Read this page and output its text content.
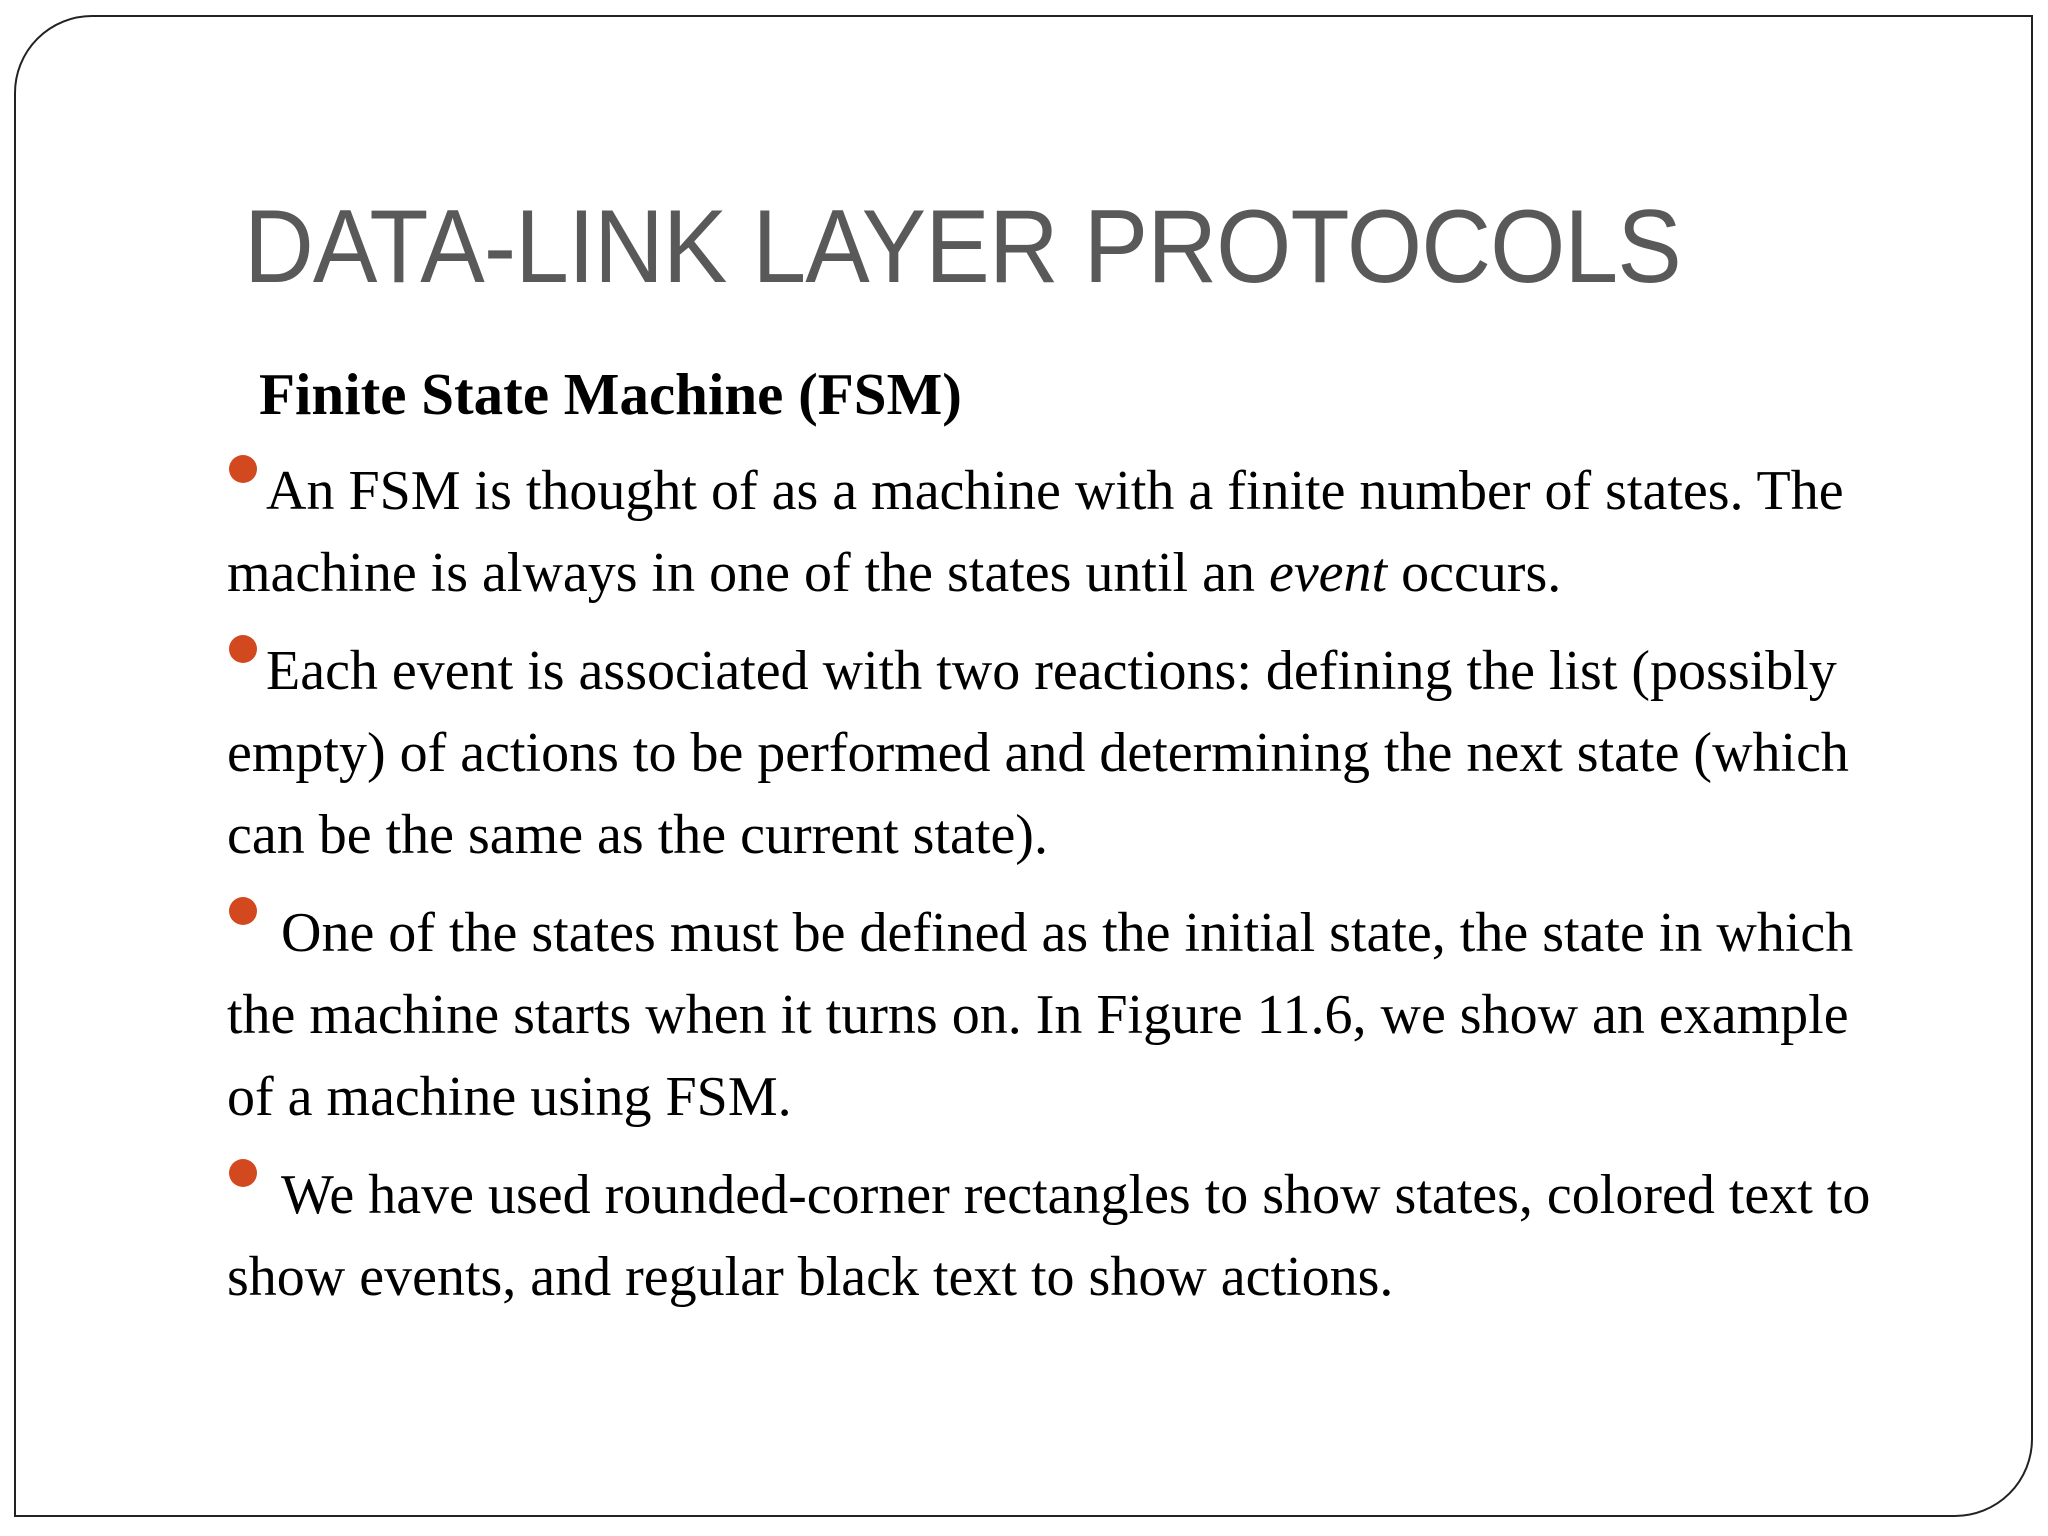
DATA-LINK LAYER PROTOCOLS
Finite State Machine (FSM)
An FSM is thought of as a machine with a finite number of states. The machine is always in one of the states until an event occurs.
Each event is associated with two reactions: defining the list (possibly empty) of actions to be performed and determining the next state (which can be the same as the current state).
One of the states must be defined as the initial state, the state in which the machine starts when it turns on. In Figure 11.6, we show an example of a machine using FSM.
We have used rounded-corner rectangles to show states, colored text to show events, and regular black text to show actions.
